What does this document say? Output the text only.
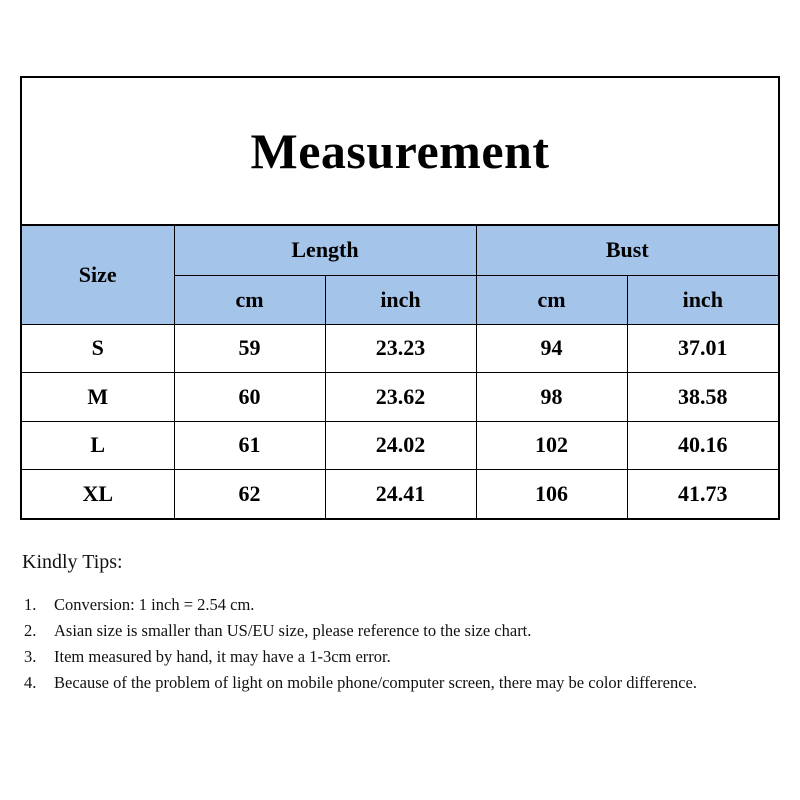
Measurement
Size	Length		Bust	
	cm	inch	cm	inch
S	59	23.23	94	37.01
M	60	23.62	98	38.58
L	61	24.02	102	40.16
XL	62	24.41	106	41.73
Kindly Tips:
1. Conversion: 1 inch = 2.54 cm.
2. Asian size is smaller than US/EU size, please reference to the size chart.
3. Item measured by hand, it may have a 1-3cm error.
4. Because of the problem of light on mobile phone/computer screen, there may be color difference.
